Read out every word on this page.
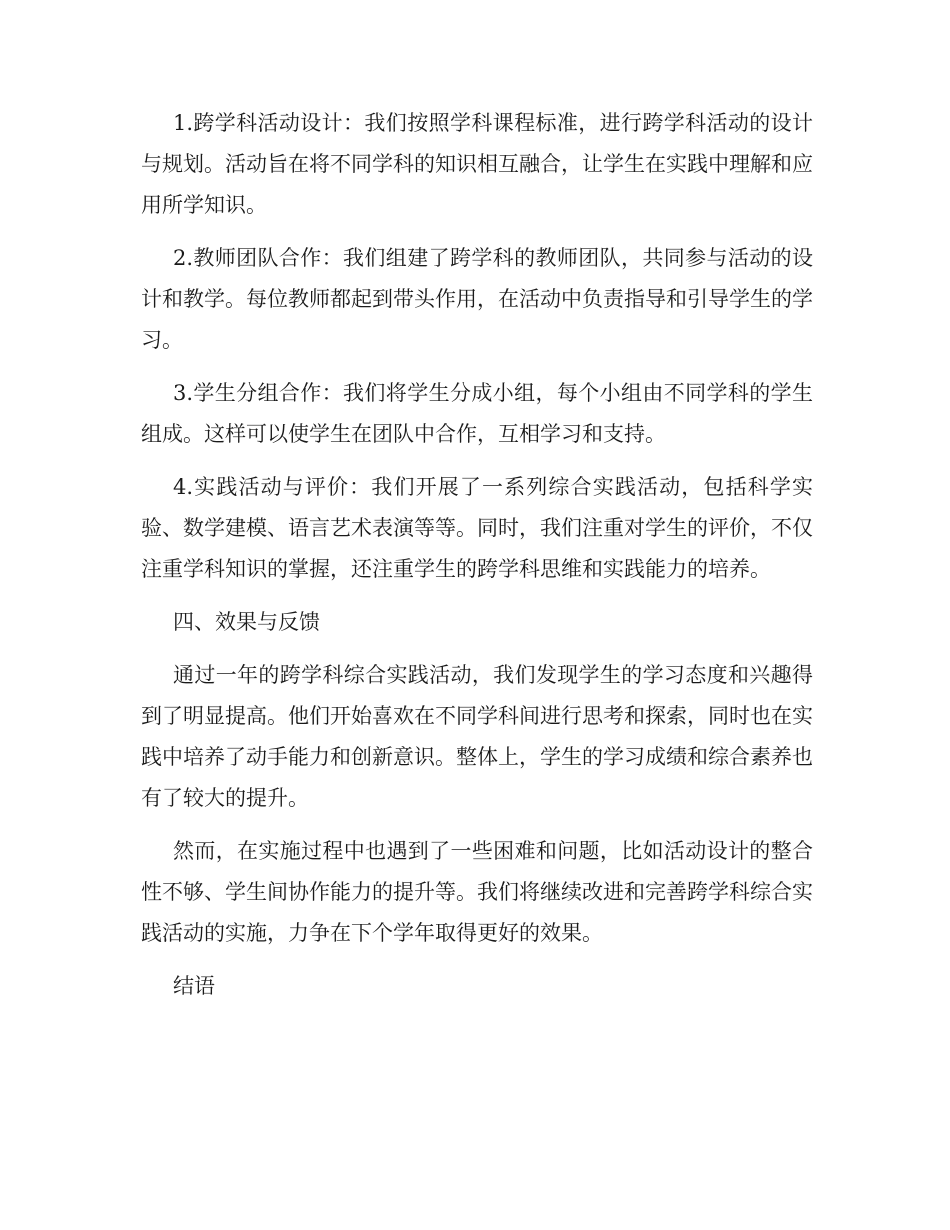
1.跨学科活动设计：我们按照学科课程标准，进行跨学科活动的设计与规划。活动旨在将不同学科的知识相互融合，让学生在实践中理解和应用所学知识。

2.教师团队合作：我们组建了跨学科的教师团队，共同参与活动的设计和教学。每位教师都起到带头作用，在活动中负责指导和引导学生的学习。

3.学生分组合作：我们将学生分成小组，每个小组由不同学科的学生组成。这样可以使学生在团队中合作，互相学习和支持。

4.实践活动与评价：我们开展了一系列综合实践活动，包括科学实验、数学建模、语言艺术表演等等。同时，我们注重对学生的评价，不仅注重学科知识的掌握，还注重学生的跨学科思维和实践能力的培养。

四、效果与反馈

通过一年的跨学科综合实践活动，我们发现学生的学习态度和兴趣得到了明显提高。他们开始喜欢在不同学科间进行思考和探索，同时也在实践中培养了动手能力和创新意识。整体上，学生的学习成绩和综合素养也有了较大的提升。

然而，在实施过程中也遇到了一些困难和问题，比如活动设计的整合性不够、学生间协作能力的提升等。我们将继续改进和完善跨学科综合实践活动的实施，力争在下个学年取得更好的效果。

结语
